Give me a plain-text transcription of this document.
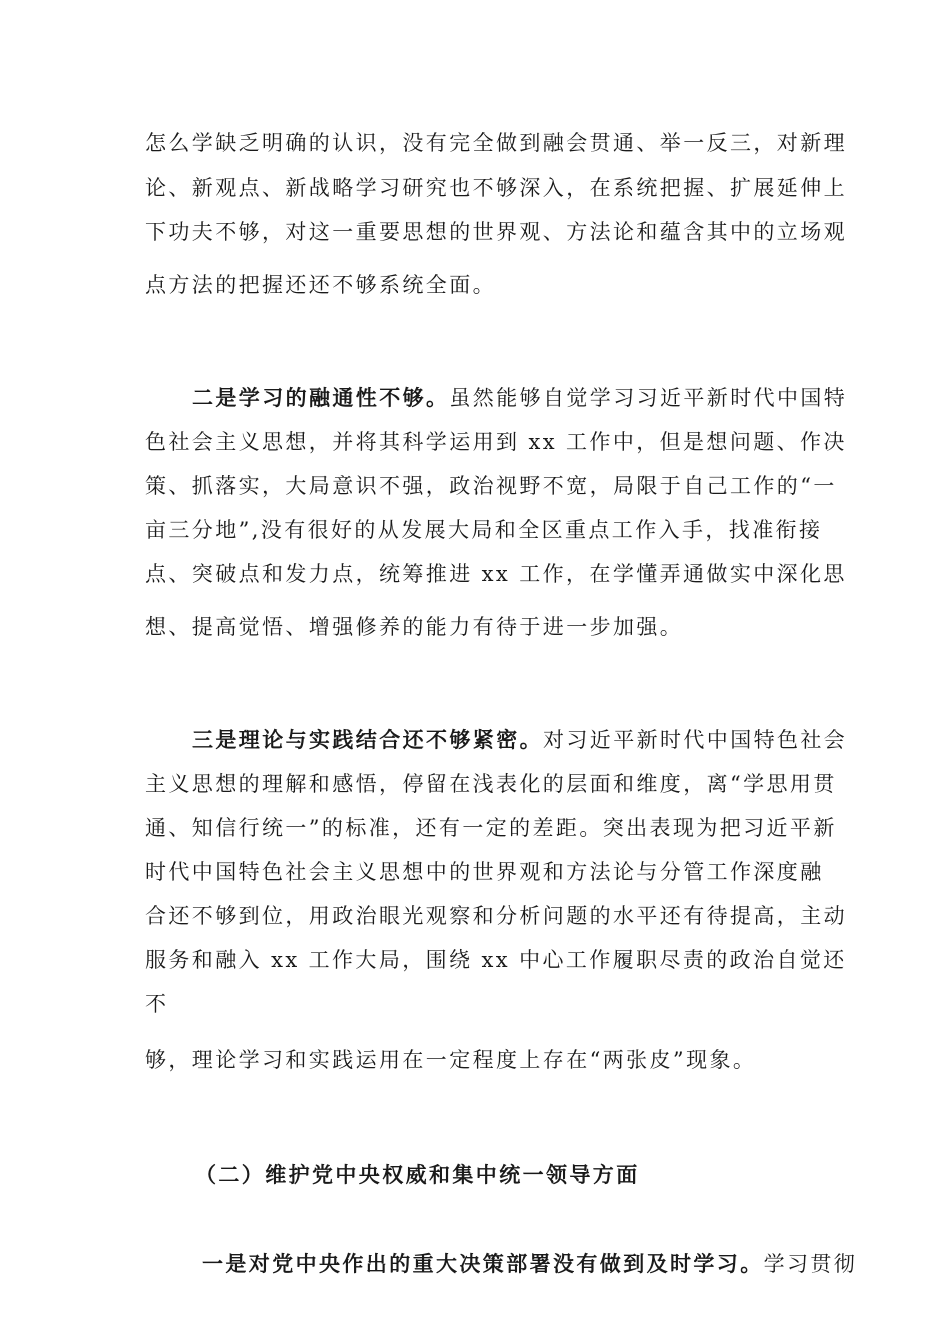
怎么学缺乏明确的认识，没有完全做到融会贯通、举一反三，对新理
论、新观点、新战略学习研究也不够深入，在系统把握、扩展延伸上
下功夫不够，对这一重要思想的世界观、方法论和蕴含其中的立场观
点方法的把握还还不够系统全面。
二是学习的融通性不够。虽然能够自觉学习习近平新时代中国特
色社会主义思想，并将其科学运用到 xx 工作中，但是想问题、作决
策、抓落实，大局意识不强，政治视野不宽，局限于自己工作的“一
亩三分地”,没有很好的从发展大局和全区重点工作入手，找准衔接
点、突破点和发力点，统筹推进 xx 工作，在学懂弄通做实中深化思
想、提高觉悟、增强修养的能力有待于进一步加强。
三是理论与实践结合还不够紧密。对习近平新时代中国特色社会
主义思想的理解和感悟，停留在浅表化的层面和维度，离“学思用贯
通、知信行统一”的标准，还有一定的差距。突出表现为把习近平新
时代中国特色社会主义思想中的世界观和方法论与分管工作深度融
合还不够到位，用政治眼光观察和分析问题的水平还有待提高，主动
服务和融入 xx 工作大局，围绕 xx 中心工作履职尽责的政治自觉还
不
够，理论学习和实践运用在一定程度上存在“两张皮”现象。
（二）维护党中央权威和集中统一领导方面
一是对党中央作出的重大决策部署没有做到及时学习。学习贯彻
